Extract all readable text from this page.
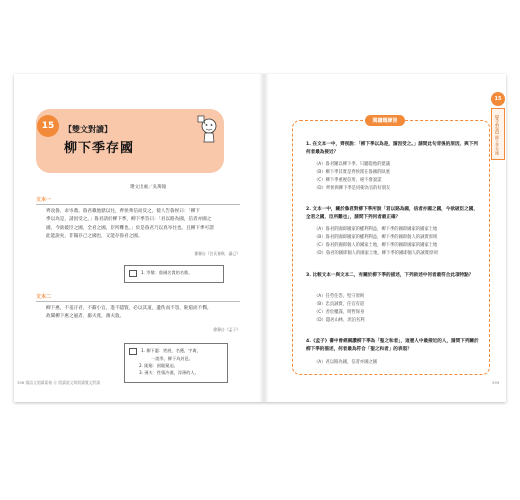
15	【雙文對讀】
柳下季存國
選文出處／吳萬翰
文本一
齊攻魯，求岑鼎。魯君載他鼎以往，齊侯弗信而反之，使人告魯侯曰：「柳下
季以為是，請因受之。」魯君請於柳下季，柳下季答曰：「君以賂為國，信者亦國之
國，今欲破臣之國，全君之國，臣所難也。」於是魯君乃以真岑往也。且柳下季可謂
此能說矣，非獨存己之國也，又能存魯君之國。
節錄自《呂氏春秋．審己》
1. 岑鼎：魯國名貴的名鼎。
文本二
柳下惠，不羞汙君，不辭小官，進不隱賢，必以其道，遺佚而不怨，阨窮而不憫。
故聞柳下惠之風者，鄙夫寬，薄夫敦。
節錄自《孟子》
1. 柳下惠：姓展，名獲，字禽，
一說季，柳下為封邑。
2. 阨窮：困阨窮迫。
3. 薄夫：性情冷漠，淳薄的人。
398 國語文閱讀素養 ⑪ 閱讀說文與閱讀雙文對讀
15
【雙文對讀】柳下季存國
閱讀題練習
1. 在文本一中，齊侯說：「柳下季以為是，請因受之。」請問此句背後的原因，與下列何者最為接近？
（A）魯君屢以柳下季，只聽從他的建議
（B）柳下季其實是齊侯派在魯國的臥底
（C）柳下季重視信用，絕不會說謊
（D）齊侯與柳下季是同朝為官的好朋友
2. 文本一中，關於魯君對柳下季所說「君以賂為國，信者亦國之國，今欲破臣之國，全君之國，臣所難也」，請問下列何者最正確？
（A）魯君的國即國家的權利利益，柳下季的國即國家的國家土地
（B）魯君的國即國家的權利利益，柳下季的國即個人的誠實原則
（C）魯君的國即個人的國家土地，柳下季的國即國家的國家土地
（D）魯君的國即個人的國家土地，柳下季的國即個人的誠實原則
3. 比較文本一與文本二，有關於柳下季的描述，下列敘述中何者最符合此項特點？
（A）任勞任怨，堅守原則
（B）忠貞誠實，任官有道
（C）善於權謀，明哲保身
（D）隱居山林，淡泊名利
4.《孟子》書中曾經稱讚柳下季為「聖之和者」，這麼人中最接近的人，請問下列關於柳下季的描述，何者最為符合「聖之和者」的表現？
（A）君以賂為國，信者亦國之國
399
